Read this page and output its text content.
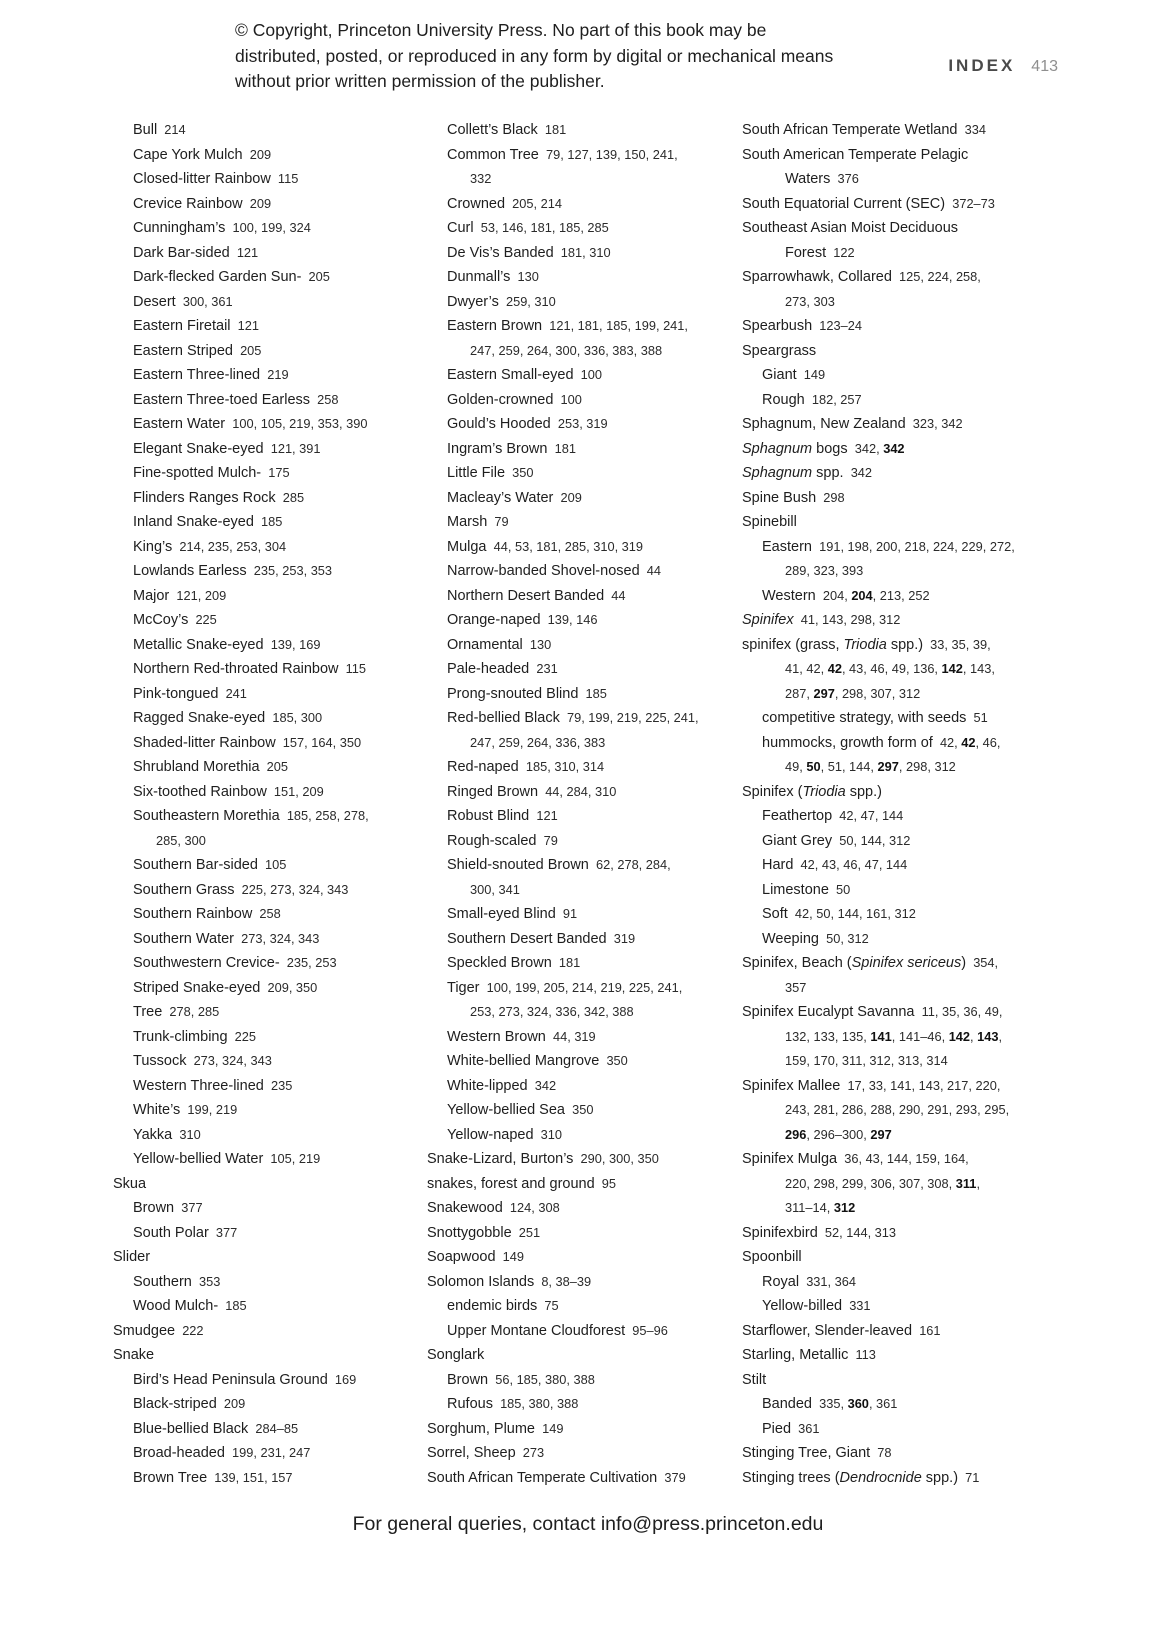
© Copyright, Princeton University Press. No part of this book may be distributed, posted, or reproduced in any form by digital or mechanical means without prior written permission of the publisher.
INDEX 413
Bull  214
Cape York Mulch  209
Closed-litter Rainbow  115
Crevice Rainbow  209
Cunningham’s  100, 199, 324
Dark Bar-sided  121
Dark-flecked Garden Sun-  205
Desert  300, 361
Eastern Firetail  121
Eastern Striped  205
Eastern Three-lined  219
Eastern Three-toed Earless  258
Eastern Water  100, 105, 219, 353, 390
Elegant Snake-eyed  121, 391
Fine-spotted Mulch-  175
Flinders Ranges Rock  285
Inland Snake-eyed  185
King’s  214, 235, 253, 304
Lowlands Earless  235, 253, 353
Major  121, 209
McCoy’s  225
Metallic Snake-eyed  139, 169
Northern Red-throated Rainbow  115
Pink-tongued  241
Ragged Snake-eyed  185, 300
Shaded-litter Rainbow  157, 164, 350
Shrubland Morethia  205
Six-toothed Rainbow  151, 209
Southeastern Morethia  185, 258, 278,
285, 300
Southern Bar-sided  105
Southern Grass  225, 273, 324, 343
Southern Rainbow  258
Southern Water  273, 324, 343
Southwestern Crevice-  235, 253
Striped Snake-eyed  209, 350
Tree  278, 285
Trunk-climbing  225
Tussock  273, 324, 343
Western Three-lined  235
White’s  199, 219
Yakka  310
Yellow-bellied Water  105, 219
Skua
Brown  377
South Polar  377
Slider
Southern  353
Wood Mulch-  185
Smudgee  222
Snake
Bird’s Head Peninsula Ground  169
Black-striped  209
Blue-bellied Black  284–85
Broad-headed  199, 231, 247
Brown Tree  139, 151, 157
Collett’s Black  181
Common Tree  79, 127, 139, 150, 241,
332
Crowned  205, 214
Curl  53, 146, 181, 185, 285
De Vis’s Banded  181, 310
Dunmall’s  130
Dwyer’s  259, 310
Eastern Brown  121, 181, 185, 199, 241,
247, 259, 264, 300, 336, 383, 388
Eastern Small-eyed  100
Golden-crowned  100
Gould’s Hooded  253, 319
Ingram’s Brown  181
Little File  350
Macleay’s Water  209
Marsh  79
Mulga  44, 53, 181, 285, 310, 319
Narrow-banded Shovel-nosed  44
Northern Desert Banded  44
Orange-naped  139, 146
Ornamental  130
Pale-headed  231
Prong-snouted Blind  185
Red-bellied Black  79, 199, 219, 225, 241,
247, 259, 264, 336, 383
Red-naped  185, 310, 314
Ringed Brown  44, 284, 310
Robust Blind  121
Rough-scaled  79
Shield-snouted Brown  62, 278, 284,
300, 341
Small-eyed Blind  91
Southern Desert Banded  319
Speckled Brown  181
Tiger  100, 199, 205, 214, 219, 225, 241,
253, 273, 324, 336, 342, 388
Western Brown  44, 319
White-bellied Mangrove  350
White-lipped  342
Yellow-bellied Sea  350
Yellow-naped  310
Snake-Lizard, Burton’s  290, 300, 350
snakes, forest and ground  95
Snakewood  124, 308
Snottygobble  251
Soapwood  149
Solomon Islands  8, 38–39
endemic birds  75
Upper Montane Cloudforest  95–96
Songlark
Brown  56, 185, 380, 388
Rufous  185, 380, 388
Sorghum, Plume  149
Sorrel, Sheep  273
South African Temperate Cultivation  379
South African Temperate Wetland  334
South American Temperate Pelagic
Waters  376
South Equatorial Current (SEC)  372–73
Southeast Asian Moist Deciduous
Forest  122
Sparrowhawk, Collared  125, 224, 258,
273, 303
Spearbush  123–24
Speargrass
Giant  149
Rough  182, 257
Sphagnum, New Zealand  323, 342
Sphagnum bogs  342, 342
Sphagnum spp.  342
Spine Bush  298
Spinebill
Eastern  191, 198, 200, 218, 224, 229, 272,
289, 323, 393
Western  204, 204, 213, 252
Spinifex  41, 143, 298, 312
spinifex (grass, Triodia spp.)  33, 35, 39,
41, 42, 42, 43, 46, 49, 136, 142, 143,
287, 297, 298, 307, 312
competitive strategy, with seeds  51
hummocks, growth form of  42, 42, 46,
49, 50, 51, 144, 297, 298, 312
Spinifex (Triodia spp.)
Feathertop  42, 47, 144
Giant Grey  50, 144, 312
Hard  42, 43, 46, 47, 144
Limestone  50
Soft  42, 50, 144, 161, 312
Weeping  50, 312
Spinifex, Beach (Spinifex sericeus)  354,
357
Spinifex Eucalypt Savanna  11, 35, 36, 49,
132, 133, 135, 141, 141–46, 142, 143,
159, 170, 311, 312, 313, 314
Spinifex Mallee  17, 33, 141, 143, 217, 220,
243, 281, 286, 288, 290, 291, 293, 295,
296, 296–300, 297
Spinifex Mulga  36, 43, 144, 159, 164,
220, 298, 299, 306, 307, 308, 311,
311–14, 312
Spinifexbird  52, 144, 313
Spoonbill
Royal  331, 364
Yellow-billed  331
Starflower, Slender-leaved  161
Starling, Metallic  113
Stilt
Banded  335, 360, 361
Pied  361
Stinging Tree, Giant  78
Stinging trees (Dendrocnide spp.)  71
For general queries, contact info@press.princeton.edu
